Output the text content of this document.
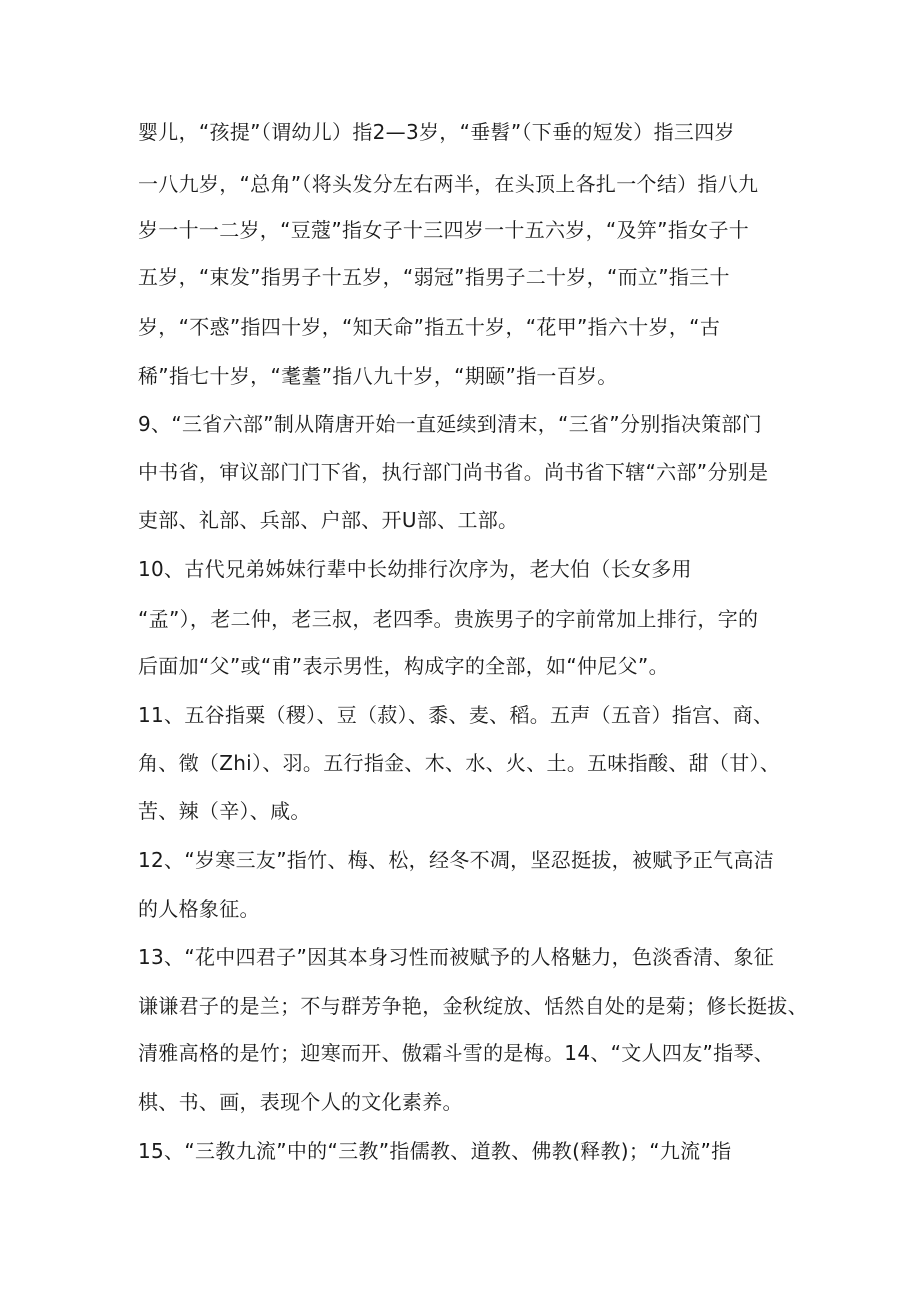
婴儿，“孩提”（谓幼儿）指2—3岁，“垂髫”（下垂的短发）指三四岁
一八九岁，“总角”（将头发分左右两半，在头顶上各扎一个结）指八九
岁一十一二岁，“豆蔻”指女子十三四岁一十五六岁，“及笄”指女子十
五岁，“束发”指男子十五岁，“弱冠”指男子二十岁，“而立”指三十
岁，“不惑”指四十岁，“知天命”指五十岁，“花甲”指六十岁，“古
稀”指七十岁，“耄耋”指八九十岁，“期颐”指一百岁。
9、“三省六部”制从隋唐开始一直延续到清末，“三省”分别指决策部门
中书省，审议部门门下省，执行部门尚书省。尚书省下辖“六部”分别是
吏部、礼部、兵部、户部、开U部、工部。
10、古代兄弟姊妹行辈中长幼排行次序为，老大伯（长女多用
“孟”），老二仲，老三叔，老四季。贵族男子的字前常加上排行，字的
后面加“父”或“甫”表示男性，构成字的全部，如“仲尼父”。
11、五谷指粟（稷）、豆（菽）、黍、麦、稻。五声（五音）指宫、商、
角、徵（Zhi）、羽。五行指金、木、水、火、土。五味指酸、甜（甘）、
苦、辣（辛）、咸。
12、“岁寒三友”指竹、梅、松，经冬不凋，坚忍挺拔，被赋予正气高洁
的人格象征。
13、“花中四君子”因其本身习性而被赋予的人格魅力，色淡香清、象征
谦谦君子的是兰；不与群芳争艳，金秋绽放、恬然自处的是菊；修长挺拔、
清雅高格的是竹；迎寒而开、傲霜斗雪的是梅。14、“文人四友”指琴、
棋、书、画，表现个人的文化素养。
15、“三教九流”中的“三教”指儒教、道教、佛教(释教)；“九流”指
